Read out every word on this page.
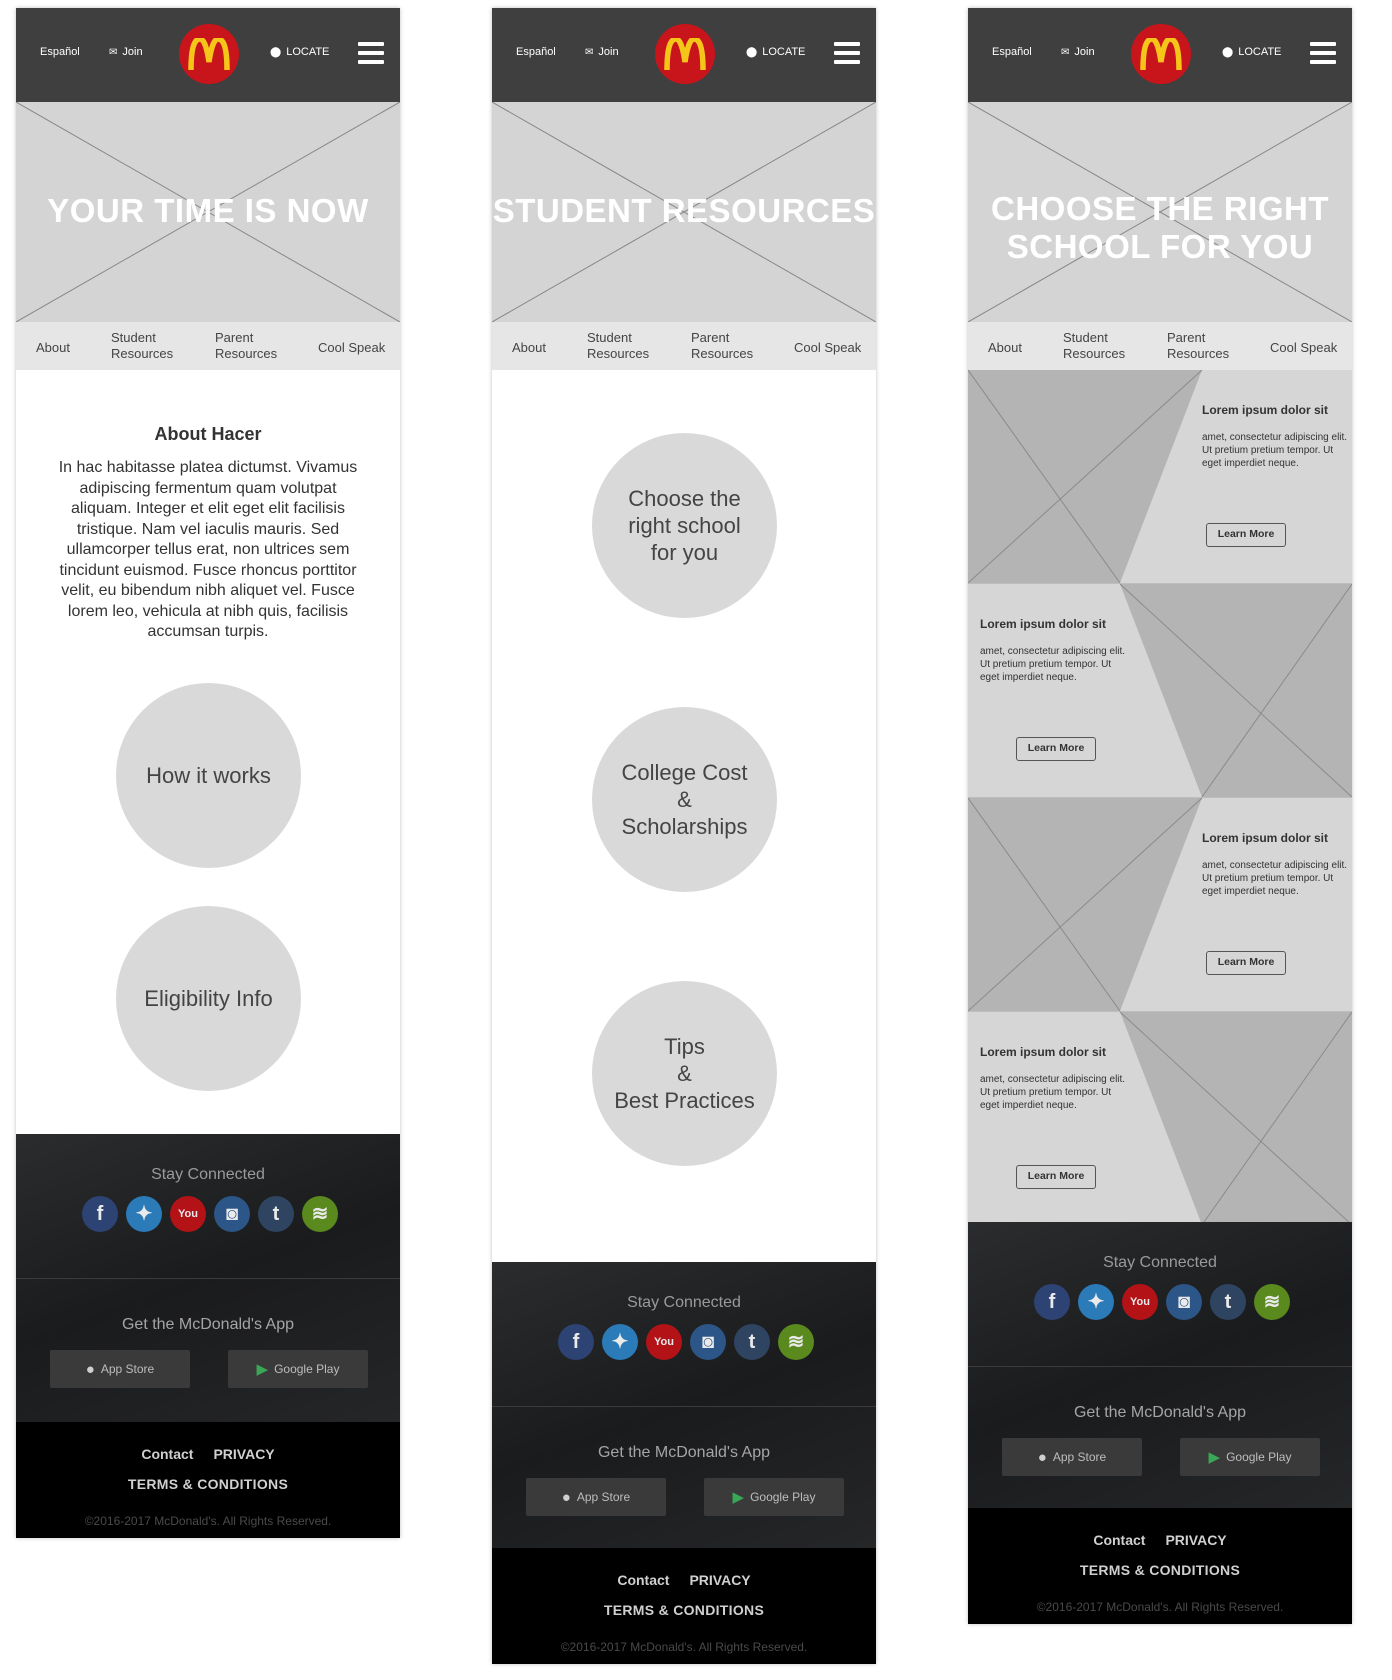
Español	✉ Join	⬤ LOCATE
YOUR TIME IS NOW
About
Student
Resources
Parent
Resources	Cool Speak
About Hacer
In hac habitasse platea dictumst. Vivamus adipiscing fermentum quam volutpat aliquam. Integer et elit eget elit facilisis tristique. Nam vel iaculis mauris. Sed ullamcorper tellus erat, non ultrices sem tincidunt euismod. Fusce rhoncus porttitor velit, eu bibendum nibh aliquet vel. Fusce lorem leo, vehicula at nibh quis, facilisis accumsan turpis.
How it works
Eligibility Info
Stay Connected
f	✦	You	◙	t	≋
Get the McDonald's App
● App Store	▶ Google Play
Contact PRIVACY
TERMS & CONDITIONS
©2016-2017 McDonald's. All Rights Reserved.
Español	✉ Join	⬤ LOCATE
STUDENT RESOURCES
About
Student
Resources
Parent
Resources	Cool Speak
Choose the
right school
for you
College Cost
&
Scholarships
Tips
&
Best Practices
Stay Connected
f	✦	You	◙	t	≋
Get the McDonald's App
● App Store	▶ Google Play
Contact PRIVACY
TERMS & CONDITIONS
©2016-2017 McDonald's. All Rights Reserved.
Español	✉ Join	⬤ LOCATE
CHOOSE THE RIGHT
SCHOOL FOR YOU
About
Student
Resources
Parent
Resources	Cool Speak
Lorem ipsum dolor sit
amet, consectetur adipiscing elit. Ut pretium pretium tempor. Ut eget imperdiet neque.
Learn More
Lorem ipsum dolor sit
amet, consectetur adipiscing elit. Ut pretium pretium tempor. Ut eget imperdiet neque.
Learn More
Lorem ipsum dolor sit
amet, consectetur adipiscing elit. Ut pretium pretium tempor. Ut eget imperdiet neque.
Learn More
Lorem ipsum dolor sit
amet, consectetur adipiscing elit. Ut pretium pretium tempor. Ut eget imperdiet neque.
Learn More
Stay Connected
f	✦	You	◙	t	≋
Get the McDonald's App
● App Store	▶ Google Play
Contact PRIVACY
TERMS & CONDITIONS
©2016-2017 McDonald's. All Rights Reserved.
